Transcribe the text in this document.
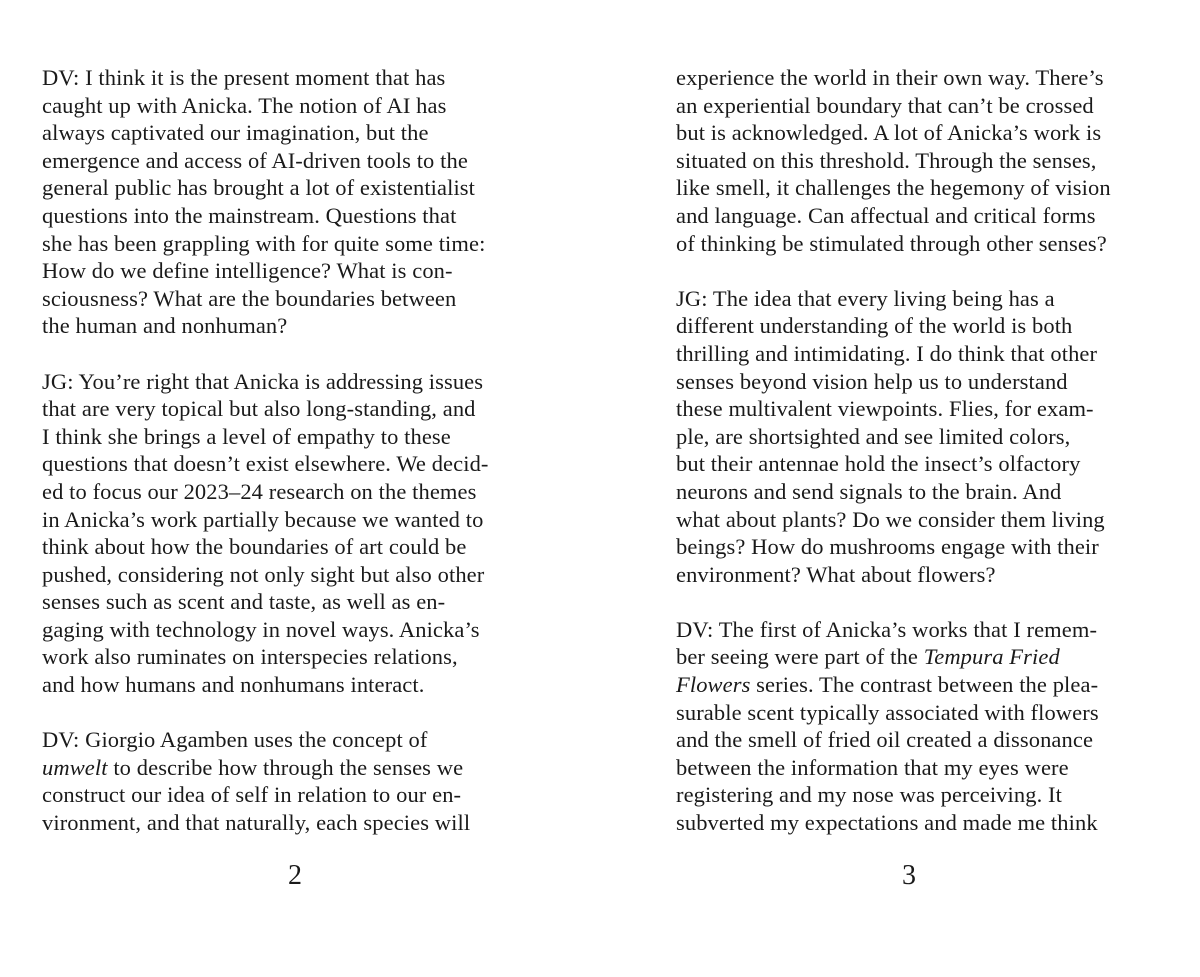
DV: I think it is the present moment that has
caught up with Anicka. The notion of AI has
always captivated our imagination, but the
emergence and access of AI-driven tools to the
general public has brought a lot of existentialist
questions into the mainstream. Questions that
she has been grappling with for quite some time:
How do we define intelligence? What is con-
sciousness? What are the boundaries between
the human and nonhuman?
JG: You’re right that Anicka is addressing issues
that are very topical but also long-standing, and
I think she brings a level of empathy to these
questions that doesn’t exist elsewhere. We decid-
ed to focus our 2023–24 research on the themes
in Anicka’s work partially because we wanted to
think about how the boundaries of art could be
pushed, considering not only sight but also other
senses such as scent and taste, as well as en-
gaging with technology in novel ways. Anicka’s
work also ruminates on interspecies relations,
and how humans and nonhumans interact.
DV: Giorgio Agamben uses the concept of
umwelt to describe how through the senses we
construct our idea of self in relation to our en-
vironment, and that naturally, each species will
experience the world in their own way. There’s
an experiential boundary that can’t be crossed
but is acknowledged. A lot of Anicka’s work is
situated on this threshold. Through the senses,
like smell, it challenges the hegemony of vision
and language. Can affectual and critical forms
of thinking be stimulated through other senses?
JG: The idea that every living being has a
different understanding of the world is both
thrilling and intimidating. I do think that other
senses beyond vision help us to understand
these multivalent viewpoints. Flies, for exam-
ple, are shortsighted and see limited colors,
but their antennae hold the insect’s olfactory
neurons and send signals to the brain. And
what about plants? Do we consider them living
beings? How do mushrooms engage with their
environment? What about flowers?
DV: The first of Anicka’s works that I remem-
ber seeing were part of the Tempura Fried
Flowers series. The contrast between the plea-
surable scent typically associated with flowers
and the smell of fried oil created a dissonance
between the information that my eyes were
registering and my nose was perceiving. It
subverted my expectations and made me think
2	3
